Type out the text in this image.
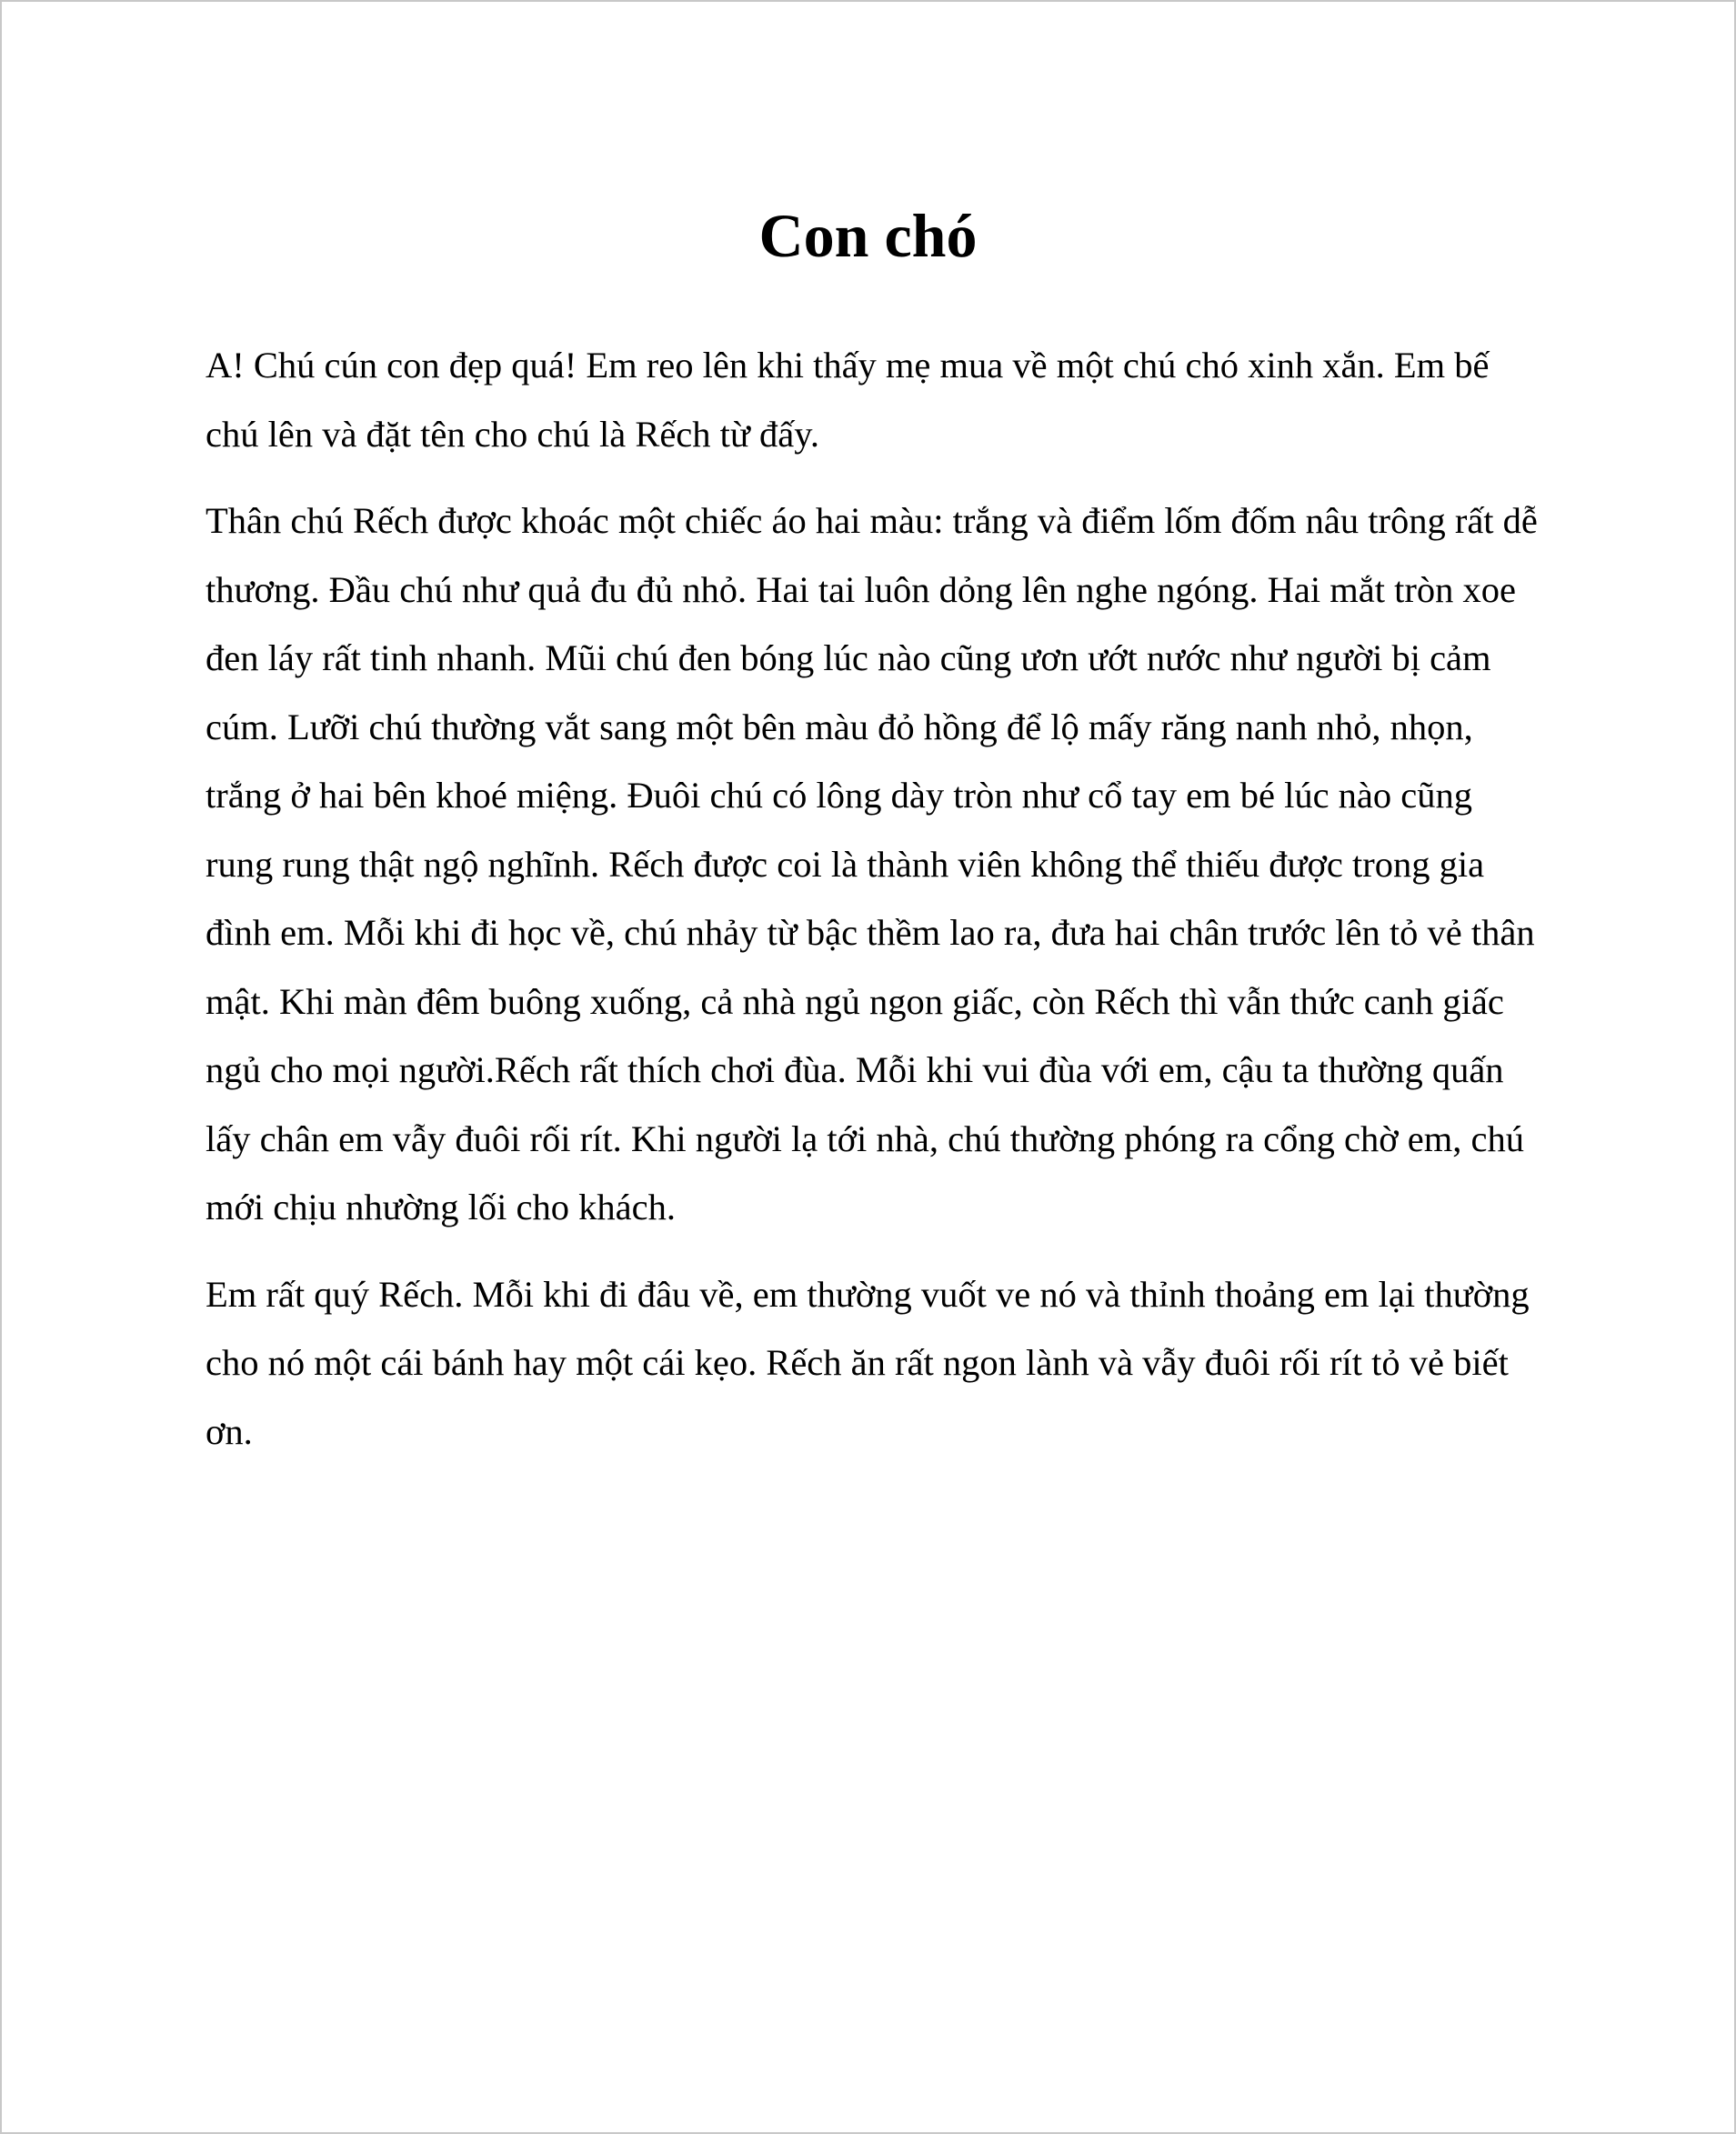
Con chó

A! Chú cún con đẹp quá! Em reo lên khi thấy mẹ mua về một chú chó xinh xắn. Em bế chú lên và đặt tên cho chú là Rếch từ đấy.

Thân chú Rếch được khoác một chiếc áo hai màu: trắng và điểm lốm đốm nâu trông rất dễ thương. Đầu chú như quả đu đủ nhỏ. Hai tai luôn dỏng lên nghe ngóng. Hai mắt tròn xoe đen láy rất tinh nhanh. Mũi chú đen bóng lúc nào cũng ươn ướt nước như người bị cảm cúm. Lưỡi chú thường vắt sang một bên màu đỏ hồng để lộ mấy răng nanh nhỏ, nhọn, trắng ở hai bên khoé miệng. Đuôi chú có lông dày tròn như cổ tay em bé lúc nào cũng rung rung thật ngộ nghĩnh. Rếch được coi là thành viên không thể thiếu được trong gia đình em. Mỗi khi đi học về, chú nhảy từ bậc thềm lao ra, đưa hai chân trước lên tỏ vẻ thân mật. Khi màn đêm buông xuống, cả nhà ngủ ngon giấc, còn Rếch thì vẫn thức canh giấc ngủ cho mọi người.Rếch rất thích chơi đùa. Mỗi khi vui đùa với em, cậu ta thường quấn lấy chân em vẫy đuôi rối rít. Khi người lạ tới nhà, chú thường phóng ra cổng chờ em, chú mới chịu nhường lối cho khách.

Em rất quý Rếch. Mỗi khi đi đâu về, em thường vuốt ve nó và thỉnh thoảng em lại thường cho nó một cái bánh hay một cái kẹo. Rếch ăn rất ngon lành và vẫy đuôi rối rít tỏ vẻ biết ơn.
